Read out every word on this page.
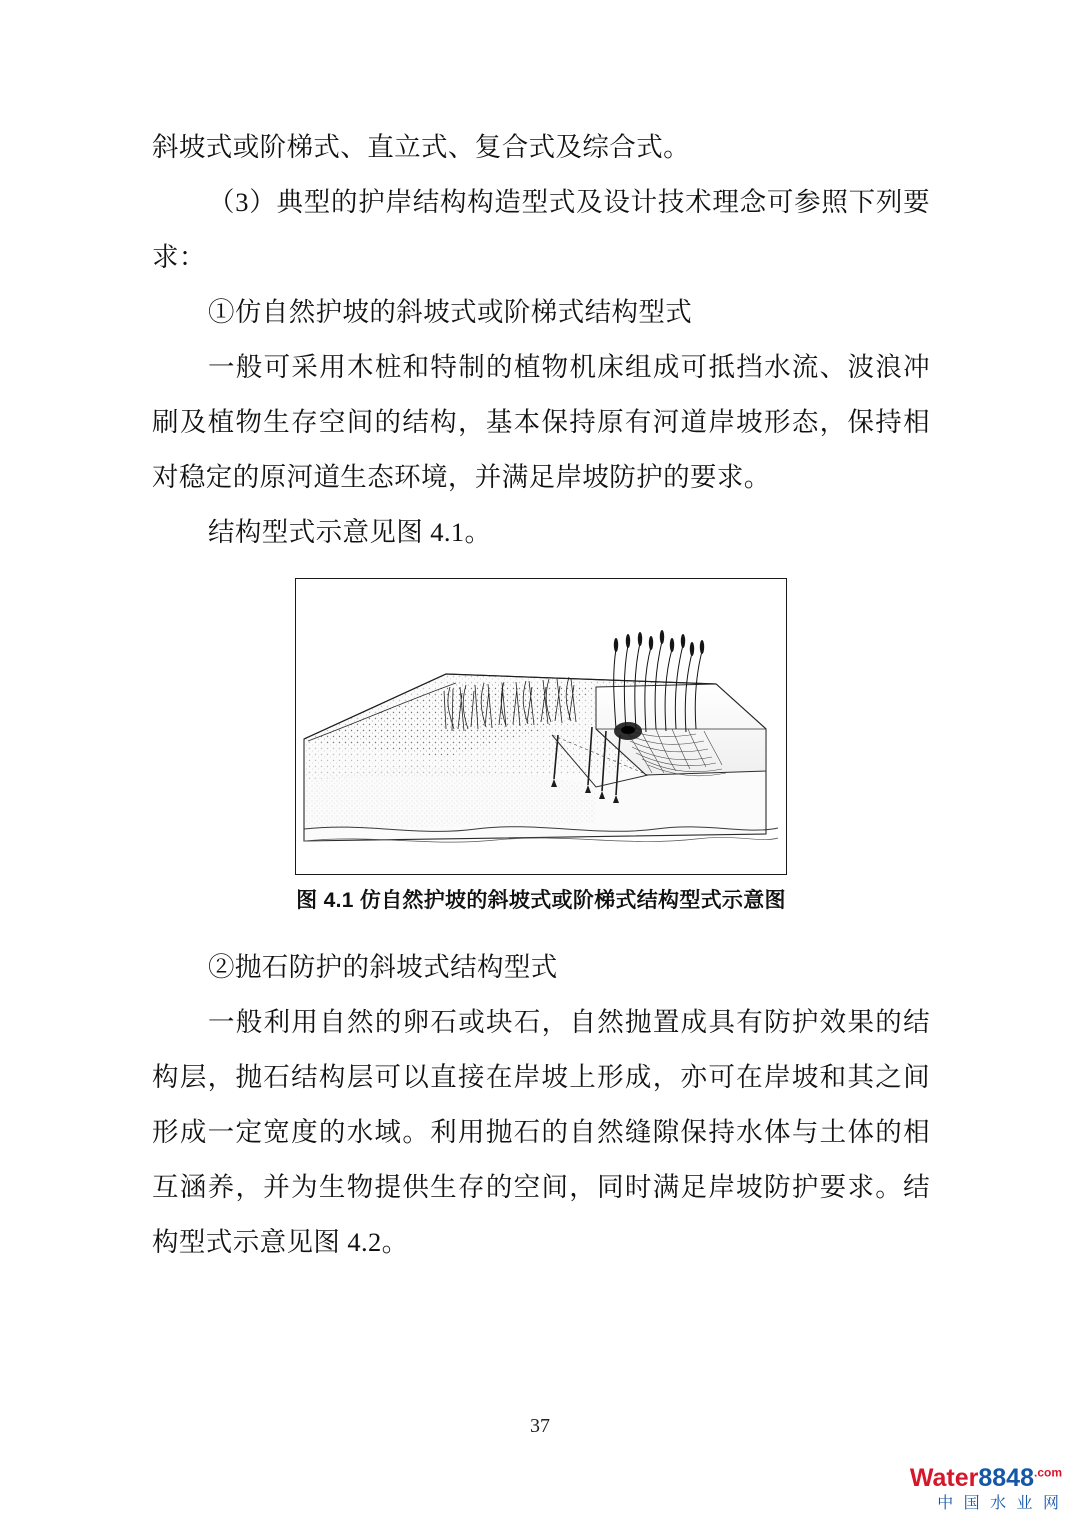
斜坡式或阶梯式、直立式、复合式及综合式。

（3）典型的护岸结构构造型式及设计技术理念可参照下列要求：

①仿自然护坡的斜坡式或阶梯式结构型式

一般可采用木桩和特制的植物机床组成可抵挡水流、波浪冲刷及植物生存空间的结构，基本保持原有河道岸坡形态，保持相对稳定的原河道生态环境，并满足岸坡防护的要求。

结构型式示意见图 4.1。

图 4.1 仿自然护坡的斜坡式或阶梯式结构型式示意图

②抛石防护的斜坡式结构型式

一般利用自然的卵石或块石，自然抛置成具有防护效果的结构层，抛石结构层可以直接在岸坡上形成，亦可在岸坡和其之间形成一定宽度的水域。利用抛石的自然缝隙保持水体与土体的相互涵养，并为生物提供生存的空间，同时满足岸坡防护要求。结构型式示意见图 4.2。

37
$Water8848^{.com}$
中 国 水 业 网
